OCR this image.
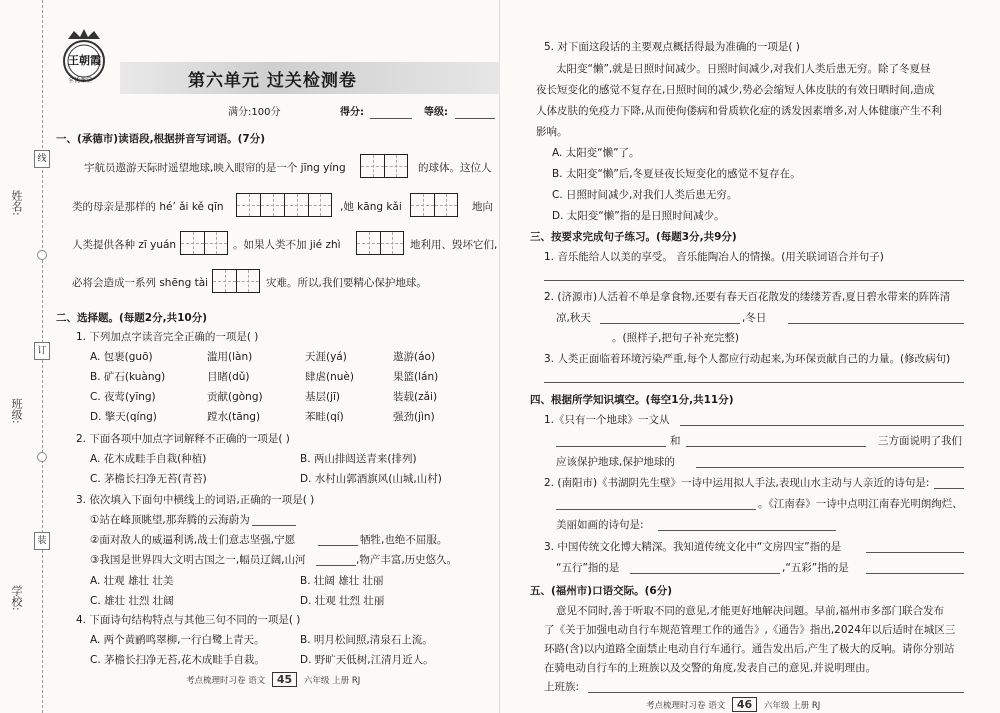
线
订
装
姓名:
班级:
学校:
王朝霞
全优课堂	第六单元 过关检测卷
满分:100分	得分:	等级:
一、(承德市)读语段,根据拼音写词语。(7分)
宇航员遨游天际时遥望地球,映入眼帘的是一个 jīng yíng	的球体。这位人
类的母亲是那样的 hé’ ǎi kě qīn	,她 kāng kǎi	地向
人类提供各种 zī yuán	。如果人类不加 jié zhì	地利用、毁坏它们,
必将会造成一系列 shēng tài	灾难。所以,我们要精心保护地球。
二、选择题。(每题2分,共10分)
1. 下列加点字读音完全正确的一项是( )
A. 包裹(guō)	滥用(làn)	天涯(yá)	遨游(áo)
B. 矿石(kuàng)	目睹(dǔ)	肆虐(nuè)	果篮(lán)
C. 夜莺(yīng)	贡献(gòng)	基层(jī)	装载(zǎi)
D. 擎天(qíng)	蹚水(tāng)	苯畦(qí)	强劲(jìn)
2. 下面各项中加点字词解释不正确的一项是( )
A. 花木成畦手自栽(种植)	B. 两山排闼送青来(排列)
C. 茅檐长扫净无苔(青苔)	D. 水村山郭酒旗风(山城,山村)
3. 依次填入下面句中横线上的词语,正确的一项是( )
①站在峰顶眺望,那奔腾的云海蔚为
②面对敌人的威逼利诱,战士们意志坚强,宁愿	牺牲,也绝不屈服。
③我国是世界四大文明古国之一,幅员辽阔,山河	,物产丰富,历史悠久。
A. 壮观 雄壮 壮美	B. 壮阔 雄壮 壮丽
C. 雄壮 壮烈 壮阔	D. 壮观 壮烈 壮丽
4. 下面诗句结构特点与其他三句不同的一项是( )
A. 两个黄鹂鸣翠柳,一行白鹭上青天。	B. 明月松间照,清泉石上流。
C. 茅檐长扫净无苔,花木成畦手自栽。	D. 野旷天低树,江清月近人。
考点梳理时习卷 语文 45 六年级 上册 RJ
5. 对下面这段话的主要观点概括得最为准确的一项是( )
太阳变“懒”,就是日照时间减少。日照时间减少,对我们人类后患无穷。除了冬夏昼
夜长短变化的感觉不复存在,日照时间的减少,势必会缩短人体皮肤的有效日晒时间,造成
人体皮肤的免疫力下降,从而使佝偻病和骨质软化症的诱发因素增多,对人体健康产生不利
影响。
A. 太阳变“懒”了。
B. 太阳变“懒”后,冬夏昼夜长短变化的感觉不复存在。
C. 日照时间减少,对我们人类后患无穷。
D. 太阳变“懒”指的是日照时间减少。
三、按要求完成句子练习。(每题3分,共9分)
1. 音乐能给人以美的享受。 音乐能陶冶人的情操。(用关联词语合并句子)
2. (济源市)人活着不单是拿食物,还要有春天百花散发的缕缕芳香,夏日碧水带来的阵阵清
凉,秋天	,冬日
。(照样子,把句子补充完整)
3. 人类正面临着环境污染严重,每个人都应行动起来,为环保贡献自己的力量。(修改病句)
四、根据所学知识填空。(每空1分,共11分)
1.《只有一个地球》一文从
和	三方面说明了我们
应该保护地球,保护地球的
2. (南阳市)《书湖阴先生壁》一诗中运用拟人手法,表现山水主动与人亲近的诗句是:
。《江南春》一诗中点明江南春光明朗绚烂、
美丽如画的诗句是:
3. 中国传统文化博大精深。我知道传统文化中“文房四宝”指的是
“五行”指的是	,“五彩”指的是
五、(福州市)口语交际。(6分)
意见不同时,善于听取不同的意见,才能更好地解决问题。早前,福州市多部门联合发布
了《关于加强电动自行车规范管理工作的通告》,《通告》指出,2024年以后适时在城区三
环路(含)以内道路全面禁止电动自行车通行。通告发出后,产生了极大的反响。请你分别站
在骑电动自行车的上班族以及交警的角度,发表自己的意见,并说明理由。
上班族:
考点梳理时习卷 语文 46 六年级 上册 RJ
